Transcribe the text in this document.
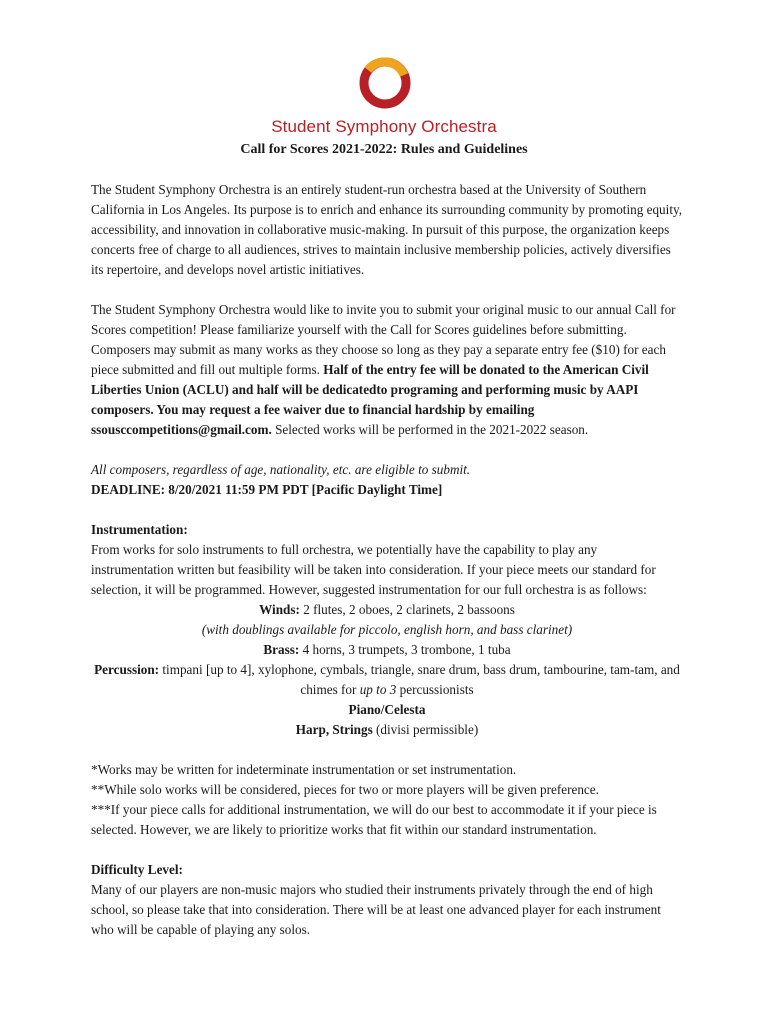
Student Symphony Orchestra
Call for Scores 2021-2022: Rules and Guidelines

The Student Symphony Orchestra is an entirely student-run orchestra based at the University of Southern California in Los Angeles. Its purpose is to enrich and enhance its surrounding community by promoting equity, accessibility, and innovation in collaborative music-making. In pursuit of this purpose, the organization keeps concerts free of charge to all audiences, strives to maintain inclusive membership policies, actively diversifies its repertoire, and develops novel artistic initiatives.

The Student Symphony Orchestra would like to invite you to submit your original music to our annual Call for Scores competition! Please familiarize yourself with the Call for Scores guidelines before submitting. Composers may submit as many works as they choose so long as they pay a separate entry fee ($10) for each piece submitted and fill out multiple forms. Half of the entry fee will be donated to the American Civil Liberties Union (ACLU) and half will be dedicatedto programing and performing music by AAPI composers. You may request a fee waiver due to financial hardship by emailing ssousccompetitions@gmail.com. Selected works will be performed in the 2021-2022 season.

All composers, regardless of age, nationality, etc. are eligible to submit.

DEADLINE: 8/20/2021 11:59 PM PDT [Pacific Daylight Time]

Instrumentation:

From works for solo instruments to full orchestra, we potentially have the capability to play any instrumentation written but feasibility will be taken into consideration. If your piece meets our standard for selection, it will be programmed. However, suggested instrumentation for our full orchestra is as follows:

Winds: 2 flutes, 2 oboes, 2 clarinets, 2 bassoons

(with doublings available for piccolo, english horn, and bass clarinet)

Brass: 4 horns, 3 trumpets, 3 trombone, 1 tuba

Percussion: timpani [up to 4], xylophone, cymbals, triangle, snare drum, bass drum, tambourine, tam-tam, and chimes for up to 3 percussionists

Piano/Celesta

Harp, Strings (divisi permissible)

*Works may be written for indeterminate instrumentation or set instrumentation.

**While solo works will be considered, pieces for two or more players will be given preference.

***If your piece calls for additional instrumentation, we will do our best to accommodate it if your piece is selected. However, we are likely to prioritize works that fit within our standard instrumentation.

Difficulty Level:

Many of our players are non-music majors who studied their instruments privately through the end of high school, so please take that into consideration. There will be at least one advanced player for each instrument who will be capable of playing any solos.
